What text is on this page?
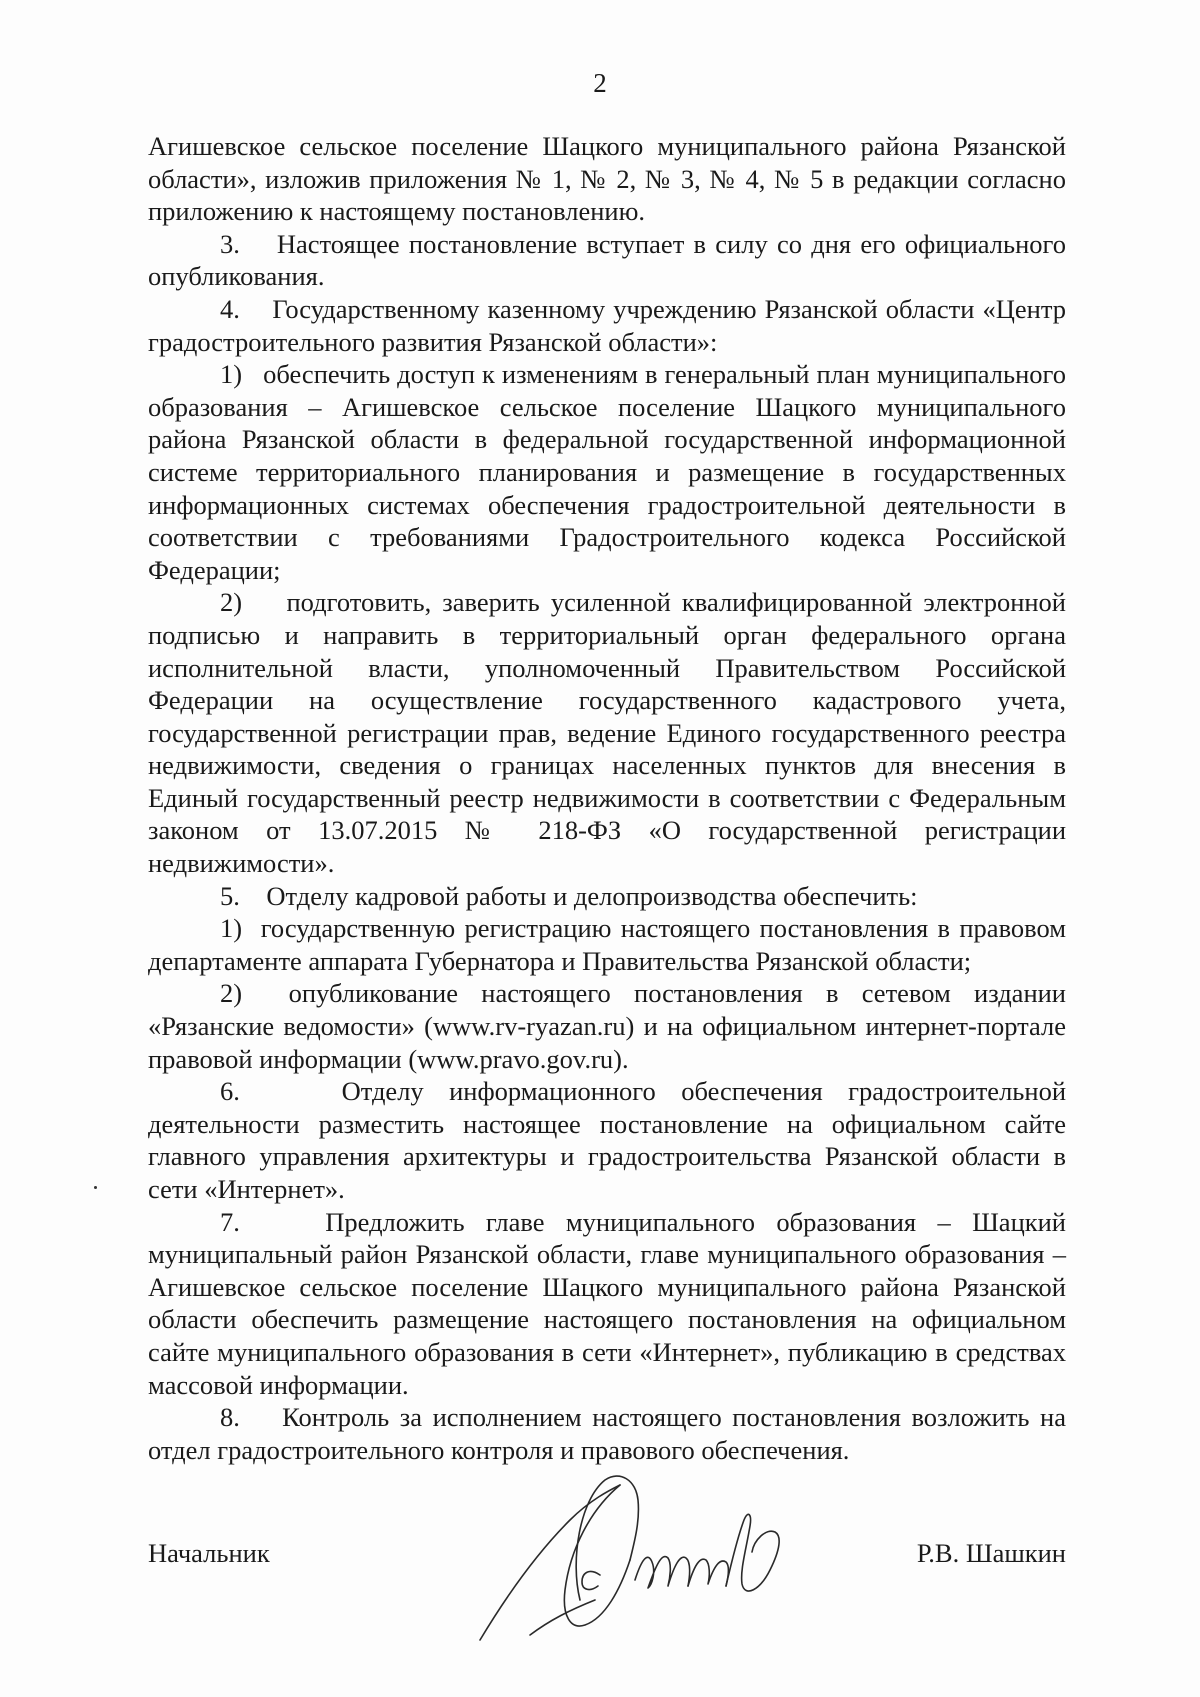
2

Агишевское сельское поселение Шацкого муниципального района Рязанской области», изложив приложения № 1, № 2, № 3, № 4, № 5 в редакции согласно приложению к настоящему постановлению.

3.    Настоящее постановление вступает в силу со дня его официального опубликования.

4.    Государственному казенному учреждению Рязанской области «Центр градостроительного развития Рязанской области»:

1)   обеспечить доступ к изменениям в генеральный план муниципального образования – Агишевское сельское поселение Шацкого муниципального района Рязанской области в федеральной государственной информационной системе территориального планирования и размещение в государственных информационных системах обеспечения градостроительной деятельности в соответствии с требованиями Градостроительного кодекса Российской Федерации;

2)    подготовить, заверить усиленной квалифицированной электронной подписью и направить в территориальный орган федерального органа исполнительной власти, уполномоченный Правительством Российской Федерации на осуществление государственного кадастрового учета, государственной регистрации прав, ведение Единого государственного реестра недвижимости, сведения о границах населенных пунктов для внесения в Единый государственный реестр недвижимости в соответствии с Федеральным законом от 13.07.2015 № 218-ФЗ «О государственной регистрации недвижимости».

5.    Отделу кадровой работы и делопроизводства обеспечить:

1)  государственную регистрацию настоящего постановления в правовом департаменте аппарата Губернатора и Правительства Рязанской области;

2)  опубликование настоящего постановления в сетевом издании «Рязанские ведомости» (www.rv-ryazan.ru) и на официальном интернет-портале правовой информации (www.pravo.gov.ru).

6.    Отделу информационного обеспечения градостроительной деятельности разместить настоящее постановление на официальном сайте главного управления архитектуры и градостроительства Рязанской области в сети «Интернет».

7.    Предложить главе муниципального образования – Шацкий муниципальный район Рязанской области, главе муниципального образования – Агишевское сельское поселение Шацкого муниципального района Рязанской области обеспечить размещение настоящего постановления на официальном сайте муниципального образования в сети «Интернет», публикацию в средствах массовой информации.

8.    Контроль за исполнением настоящего постановления возложить на отдел градостроительного контроля и правового обеспечения.

Начальник	Р.В. Шашкин
